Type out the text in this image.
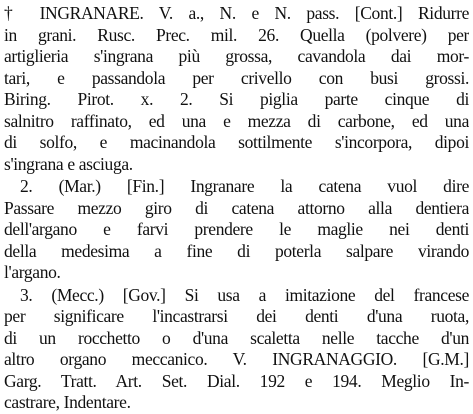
† INGRANARE. V. a., N. e N. pass. [Cont.] Ridurre
in grani. Rusc. Prec. mil. 26. Quella (polvere) per
artiglieria s'ingrana più grossa, cavandola dai mor-
tari, e passandola per crivello con busi grossi.
Biring. Pirot. x. 2. Si piglia parte cinque di
salnitro raffinato, ed una e mezza di carbone, ed una
di solfo, e macinandola sottilmente s'incorpora, dipoi
s'ingrana e asciuga.
2. (Mar.) [Fin.] Ingranare la catena vuol dire
Passare mezzo giro di catena attorno alla dentiera
dell'argano e farvi prendere le maglie nei denti
della medesima a fine di poterla salpare virando
l'argano.
3. (Mecc.) [Gov.] Si usa a imitazione del francese
per significare l'incastrarsi dei denti d'una ruota,
di un rocchetto o d'una scaletta nelle tacche d'un
altro organo meccanico. V. INGRANAGGIO. [G.M.]
Garg. Tratt. Art. Set. Dial. 192 e 194. Meglio In-
castrare, Indentare.
